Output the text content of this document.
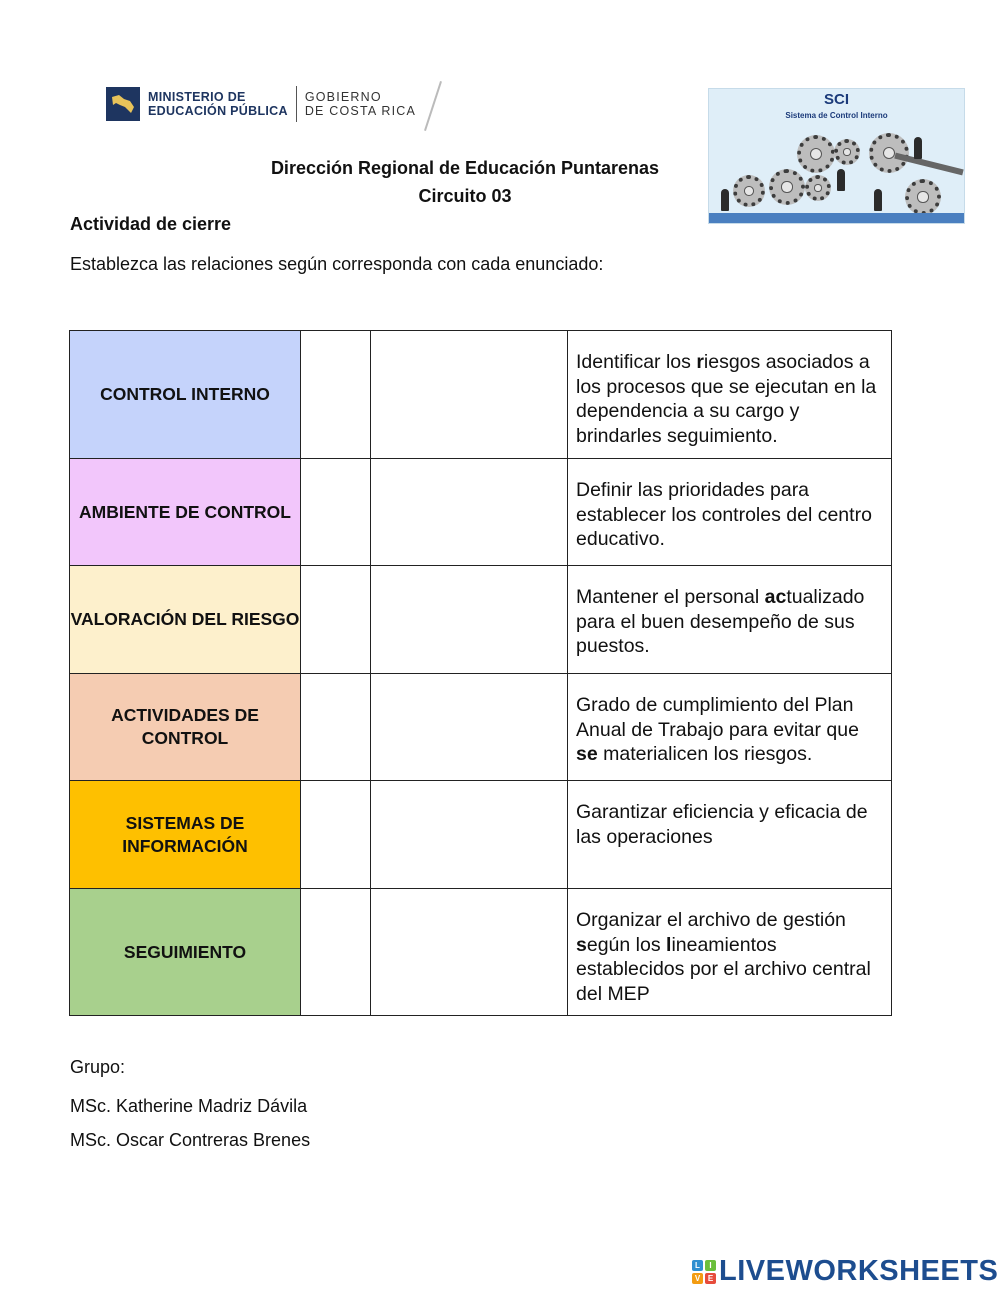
MINISTERIO DE
EDUCACIÓN PÚBLICA
GOBIERNO
DE COSTA RICA
SCI
Sistema de Control Interno
Dirección Regional de Educación Puntarenas
Circuito 03
Actividad de cierre
Establezca las relaciones según corresponda con cada enunciado:
CONTROL INTERNO			Identificar los riesgos asociados a los procesos que se ejecutan en la dependencia a su cargo y brindarles seguimiento.
AMBIENTE DE CONTROL			Definir las prioridades para establecer los controles del centro educativo.
VALORACIÓN DEL RIESGO			Mantener el personal actualizado para el buen desempeño de sus puestos.
ACTIVIDADES DE CONTROL			Grado de cumplimiento del Plan Anual de Trabajo para evitar que se materialicen los riesgos.
SISTEMAS DE INFORMACIÓN			Garantizar eficiencia y eficacia de las operaciones
SEGUIMIENTO			Organizar el archivo de gestión según los lineamientos establecidos por el archivo central del MEP
Grupo:
MSc. Katherine Madriz Dávila
MSc. Oscar Contreras Brenes
L	I
V E LIVEWORKSHEETS
